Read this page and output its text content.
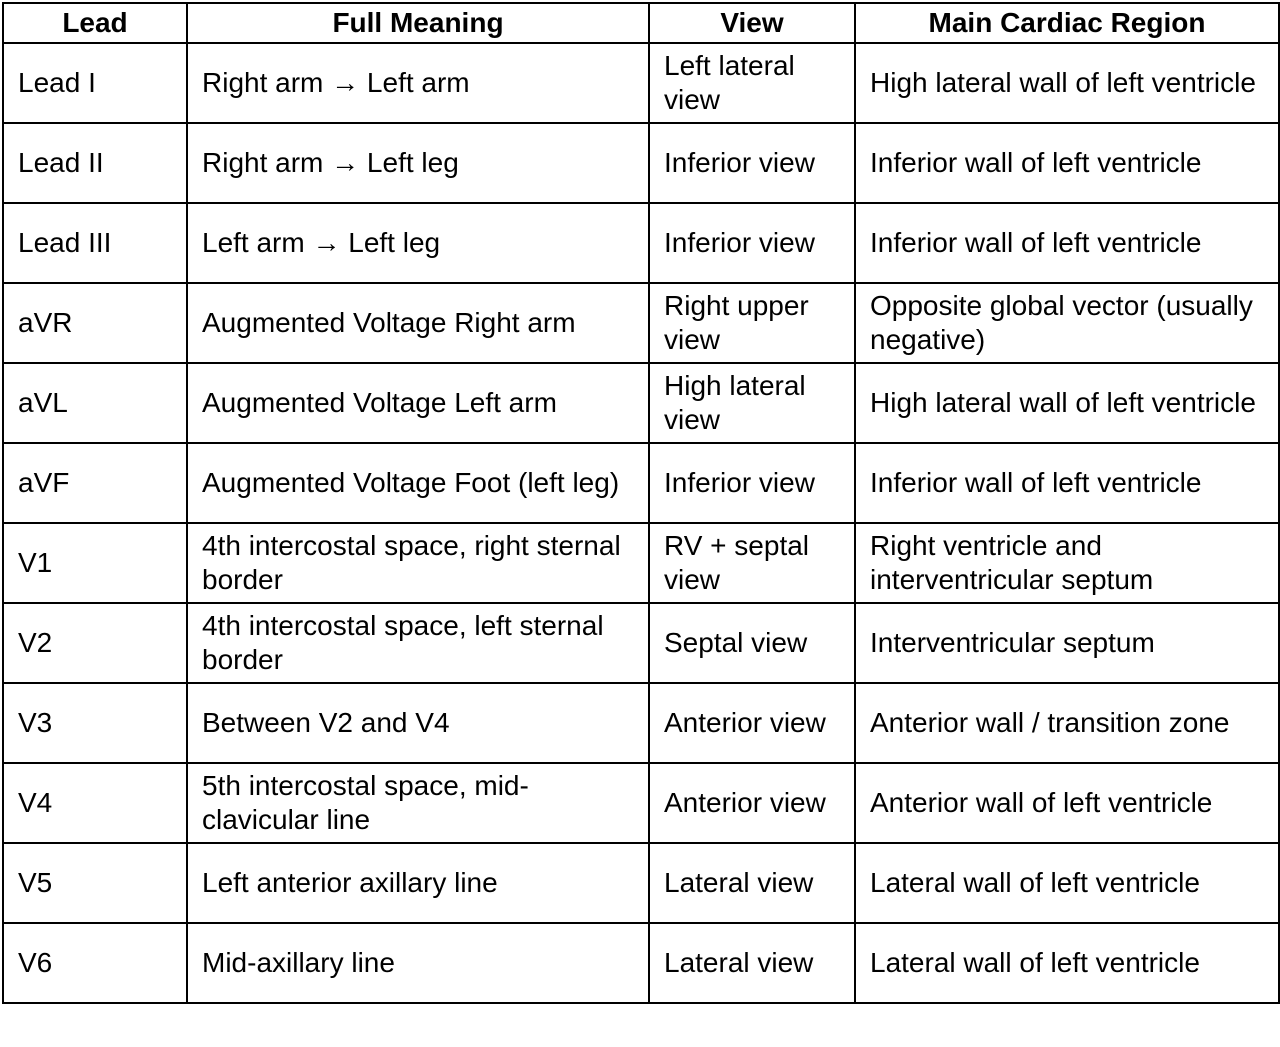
Lead	Full Meaning	View	Main Cardiac Region
Lead I	Right arm → Left arm	Left lateral view	High lateral wall of left ventricle
Lead II	Right arm → Left leg	Inferior view	Inferior wall of left ventricle
Lead III	Left arm → Left leg	Inferior view	Inferior wall of left ventricle
aVR	Augmented Voltage Right arm	Right upper view	Opposite global vector (usually negative)
aVL	Augmented Voltage Left arm	High lateral view	High lateral wall of left ventricle
aVF	Augmented Voltage Foot (left leg)	Inferior view	Inferior wall of left ventricle
V1	4th intercostal space, right sternal border	RV + septal view	Right ventricle and interventricular septum
V2	4th intercostal space, left sternal border	Septal view	Interventricular septum
V3	Between V2 and V4	Anterior view	Anterior wall / transition zone
V4	5th intercostal space, mid-clavicular line	Anterior view	Anterior wall of left ventricle
V5	Left anterior axillary line	Lateral view	Lateral wall of left ventricle
V6	Mid-axillary line	Lateral view	Lateral wall of left ventricle
